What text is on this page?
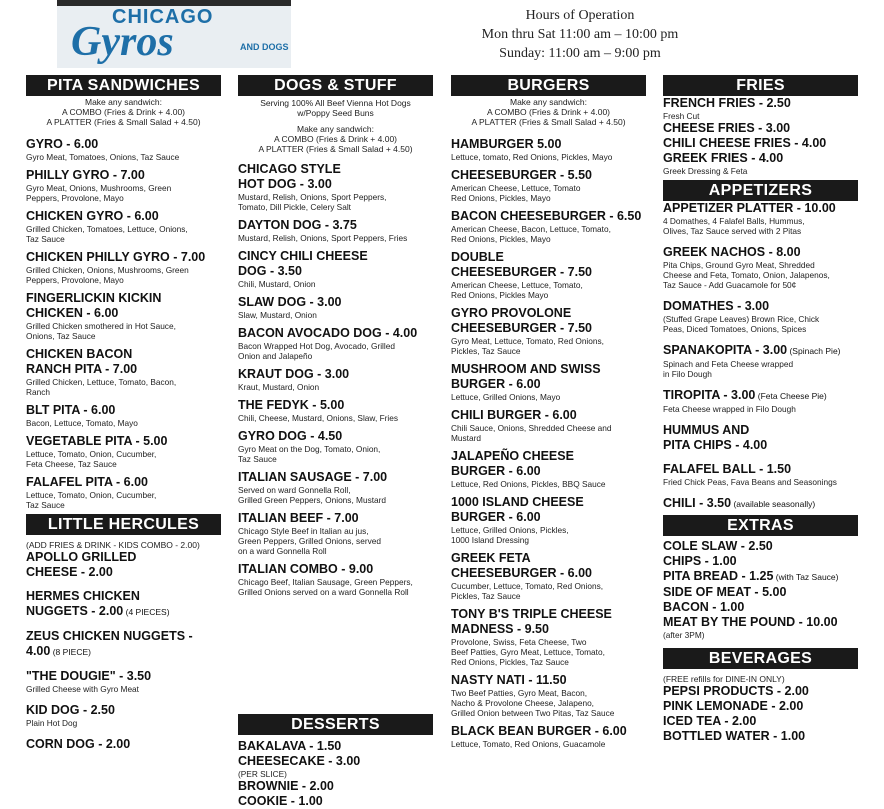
CHICAGO
Gyros	AND DOGS
Hours of Operation
Mon thru Sat 11:00 am – 10:00 pm
Sunday: 11:00 am – 9:00 pm
PITA SANDWICHES
Make any sandwich:
A COMBO (Fries & Drink + 4.00)
A PLATTER (Fries & Small Salad + 4.50)
GYRO - 6.00
Gyro Meat, Tomatoes, Onions, Taz Sauce
PHILLY GYRO - 7.00
Gyro Meat, Onions, Mushrooms, Green
Peppers, Provolone, Mayo
CHICKEN GYRO - 6.00
Grilled Chicken, Tomatoes, Lettuce, Onions,
Taz Sauce
CHICKEN PHILLY GYRO - 7.00
Grilled Chicken, Onions, Mushrooms, Green
Peppers, Provolone, Mayo
FINGERLICKIN KICKIN
CHICKEN - 6.00
Grilled Chicken smothered in Hot Sauce,
Onions, Taz Sauce
CHICKEN BACON
RANCH PITA - 7.00
Grilled Chicken, Lettuce, Tomato, Bacon,
Ranch
BLT PITA - 6.00
Bacon, Lettuce, Tomato, Mayo
VEGETABLE PITA - 5.00
Lettuce, Tomato, Onion, Cucumber,
Feta Cheese, Taz Sauce
FALAFEL PITA - 6.00
Lettuce, Tomato, Onion, Cucumber,
Taz Sauce
LITTLE HERCULES
(ADD FRIES & DRINK - KIDS COMBO - 2.00)
APOLLO GRILLED
CHEESE - 2.00
HERMES CHICKEN
NUGGETS - 2.00 (4 PIECES)
ZEUS CHICKEN NUGGETS -
4.00 (8 PIECE)
"THE DOUGIE" - 3.50
Grilled Cheese with Gyro Meat
KID DOG - 2.50
Plain Hot Dog
CORN DOG - 2.00
DOGS & STUFF
Serving 100% All Beef Vienna Hot Dogs
w/Poppy Seed Buns
Make any sandwich:
A COMBO (Fries & Drink + 4.00)
A PLATTER (Fries & Small Salad + 4.50)
CHICAGO STYLE
HOT DOG - 3.00
Mustard, Relish, Onions, Sport Peppers,
Tomato, Dill Pickle, Celery Salt
DAYTON DOG - 3.75
Mustard, Relish, Onions, Sport Peppers, Fries
CINCY CHILI CHEESE
DOG - 3.50
Chili, Mustard, Onion
SLAW DOG - 3.00
Slaw, Mustard, Onion
BACON AVOCADO DOG - 4.00
Bacon Wrapped Hot Dog, Avocado, Grilled
Onion and Jalapeño
KRAUT DOG - 3.00
Kraut, Mustard, Onion
THE FEDYK - 5.00
Chili, Cheese, Mustard, Onions, Slaw, Fries
GYRO DOG - 4.50
Gyro Meat on the Dog, Tomato, Onion,
Taz Sauce
ITALIAN SAUSAGE - 7.00
Served on ward Gonnella Roll,
Grilled Green Peppers, Onions, Mustard
ITALIAN BEEF - 7.00
Chicago Style Beef in Italian au jus,
Green Peppers, Grilled Onions, served
on a ward Gonnella Roll
ITALIAN COMBO - 9.00
Chicago Beef, Italian Sausage, Green Peppers,
Grilled Onions served on a ward Gonnella Roll
DESSERTS
BAKALAVA - 1.50
CHEESECAKE - 3.00
(PER SLICE)
BROWNIE - 2.00
COOKIE - 1.00
BURGERS
Make any sandwich:
A COMBO (Fries & Drink + 4.00)
A PLATTER (Fries & Small Salad + 4.50)
HAMBURGER 5.00
Lettuce, tomato, Red Onions, Pickles, Mayo
CHEESEBURGER - 5.50
American Cheese, Lettuce, Tomato
Red Onions, Pickles, Mayo
BACON CHEESEBURGER - 6.50
American Cheese, Bacon, Lettuce, Tomato,
Red Onions, Pickles, Mayo
DOUBLE
CHEESEBURGER - 7.50
American Cheese, Lettuce, Tomato,
Red Onions, Pickles Mayo
GYRO PROVOLONE
CHEESEBURGER - 7.50
Gyro Meat, Lettuce, Tomato, Red Onions,
Pickles, Taz Sauce
MUSHROOM AND SWISS
BURGER - 6.00
Lettuce, Grilled Onions, Mayo
CHILI BURGER - 6.00
Chili Sauce, Onions, Shredded Cheese and
Mustard
JALAPEÑO CHEESE
BURGER - 6.00
Lettuce, Red Onions, Pickles, BBQ Sauce
1000 ISLAND CHEESE
BURGER - 6.00
Lettuce, Grilled Onions, Pickles,
1000 Island Dressing
GREEK FETA
CHEESEBURGER - 6.00
Cucumber, Lettuce, Tomato, Red Onions,
Pickles, Taz Sauce
TONY B'S TRIPLE CHEESE
MADNESS - 9.50
Provolone, Swiss, Feta Cheese, Two
Beef Patties, Gyro Meat, Lettuce, Tomato,
Red Onions, Pickles, Taz Sauce
NASTY NATI - 11.50
Two Beef Patties, Gyro Meat, Bacon,
Nacho & Provolone Cheese, Jalapeno,
Grilled Onion between Two Pitas, Taz Sauce
BLACK BEAN BURGER - 6.00
Lettuce, Tomato, Red Onions, Guacamole
FRIES
FRENCH FRIES - 2.50
Fresh Cut
CHEESE FRIES - 3.00
CHILI CHEESE FRIES - 4.00
GREEK FRIES - 4.00
Greek Dressing & Feta
APPETIZERS
APPETIZER PLATTER - 10.00
4 Domathes, 4 Falafel Balls, Hummus,
Olives, Taz Sauce served with 2 Pitas
GREEK NACHOS - 8.00
Pita Chips, Ground Gyro Meat, Shredded
Cheese and Feta, Tomato, Onion, Jalapenos,
Taz Sauce - Add Guacamole for 50¢
DOMATHES - 3.00
(Stuffed Grape Leaves) Brown Rice, Chick
Peas, Diced Tomatoes, Onions, Spices
SPANAKOPITA - 3.00 (Spinach Pie)
Spinach and Feta Cheese wrapped
in Filo Dough
TIROPITA - 3.00 (Feta Cheese Pie)
Feta Cheese wrapped in Filo Dough
HUMMUS AND
PITA CHIPS - 4.00
FALAFEL BALL - 1.50
Fried Chick Peas, Fava Beans and Seasonings
CHILI - 3.50 (available seasonally)
EXTRAS
COLE SLAW - 2.50
CHIPS - 1.00
PITA BREAD - 1.25 (with Taz Sauce)
SIDE OF MEAT - 5.00
BACON - 1.00
MEAT BY THE POUND - 10.00
(after 3PM)
BEVERAGES
(FREE refills for DINE-IN ONLY)
PEPSI PRODUCTS - 2.00
PINK LEMONADE - 2.00
ICED TEA - 2.00
BOTTLED WATER - 1.00
